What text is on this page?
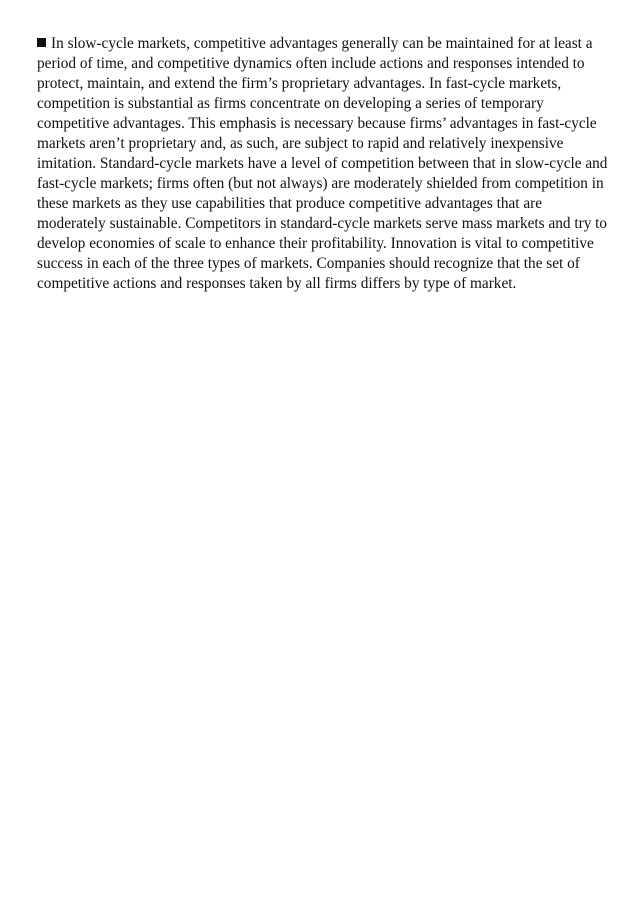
In slow-cycle markets, competitive advantages generally can be maintained for at least a
period of time, and competitive dynamics often include actions and responses intended to
protect, maintain, and extend the firm’s proprietary advantages. In fast-cycle markets,
competition is substantial as firms concentrate on developing a series of temporary
competitive advantages. This emphasis is necessary because firms’ advantages in fast-cycle
markets aren’t proprietary and, as such, are subject to rapid and relatively inexpensive
imitation. Standard-cycle markets have a level of competition between that in slow-cycle and
fast-cycle markets; firms often (but not always) are moderately shielded from competition in
these markets as they use capabilities that produce competitive advantages that are
moderately sustainable. Competitors in standard-cycle markets serve mass markets and try to
develop economies of scale to enhance their profitability. Innovation is vital to competitive
success in each of the three types of markets. Companies should recognize that the set of
competitive actions and responses taken by all firms differs by type of market.
